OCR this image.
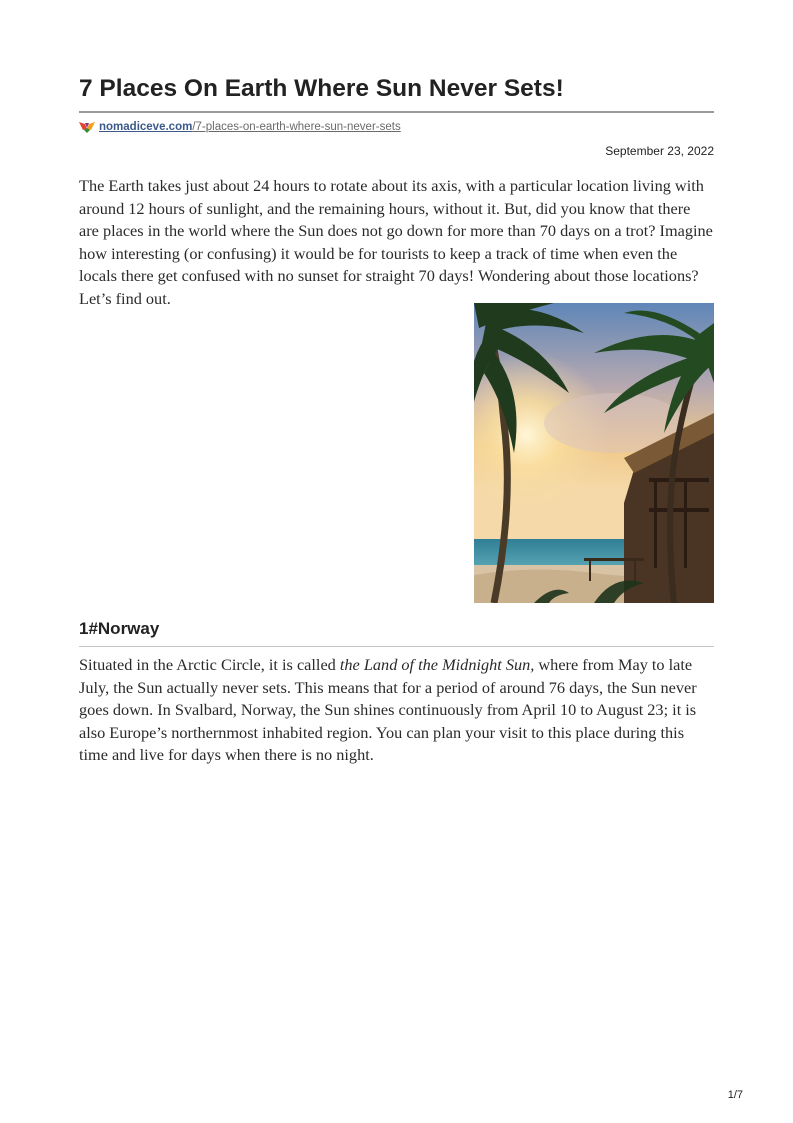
7 Places On Earth Where Sun Never Sets!
nomadiceve.com /7-places-on-earth-where-sun-never-sets
September 23, 2022

The Earth takes just about 24 hours to rotate about its axis, with a particular location living with around 12 hours of sunlight, and the remaining hours, without it. But, did you know that there are places in the world where the Sun does not go down for more than 70 days on a trot? Imagine how interesting (or confusing) it would be for tourists to keep a track of time when even the locals there get confused with no sunset for straight 70 days! Wondering about those locations? Let’s find out.

1#Norway

Situated in the Arctic Circle, it is called the Land of the Midnight Sun, where from May to late July, the Sun actually never sets. This means that for a period of around 76 days, the Sun never goes down. In Svalbard, Norway, the Sun shines continuously from April 10 to August 23; it is also Europe’s northernmost inhabited region. You can plan your visit to this place during this time and live for days when there is no night.

1/7
